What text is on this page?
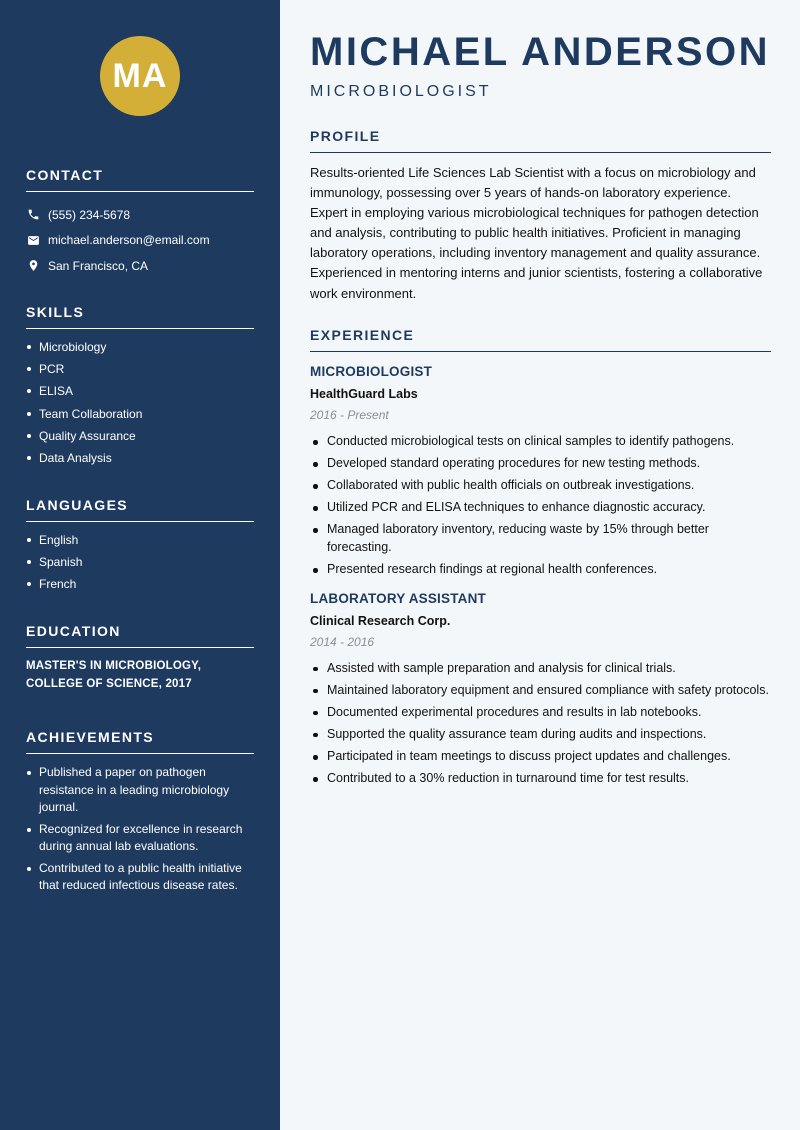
MA
CONTACT
(555) 234-5678
michael.anderson@email.com
San Francisco, CA
SKILLS
Microbiology
PCR
ELISA
Team Collaboration
Quality Assurance
Data Analysis
LANGUAGES
English
Spanish
French
EDUCATION
MASTER'S IN MICROBIOLOGY, COLLEGE OF SCIENCE, 2017
ACHIEVEMENTS
Published a paper on pathogen resistance in a leading microbiology journal.
Recognized for excellence in research during annual lab evaluations.
Contributed to a public health initiative that reduced infectious disease rates.
MICHAEL ANDERSON
MICROBIOLOGIST
PROFILE

Results-oriented Life Sciences Lab Scientist with a focus on microbiology and immunology, possessing over 5 years of hands-on laboratory experience. Expert in employing various microbiological techniques for pathogen detection and analysis, contributing to public health initiatives. Proficient in managing laboratory operations, including inventory management and quality assurance. Experienced in mentoring interns and junior scientists, fostering a collaborative work environment.

EXPERIENCE
MICROBIOLOGIST
HealthGuard Labs
2016 - Present
Conducted microbiological tests on clinical samples to identify pathogens.
Developed standard operating procedures for new testing methods.
Collaborated with public health officials on outbreak investigations.
Utilized PCR and ELISA techniques to enhance diagnostic accuracy.
Managed laboratory inventory, reducing waste by 15% through better forecasting.
Presented research findings at regional health conferences.
LABORATORY ASSISTANT
Clinical Research Corp.
2014 - 2016
Assisted with sample preparation and analysis for clinical trials.
Maintained laboratory equipment and ensured compliance with safety protocols.
Documented experimental procedures and results in lab notebooks.
Supported the quality assurance team during audits and inspections.
Participated in team meetings to discuss project updates and challenges.
Contributed to a 30% reduction in turnaround time for test results.
